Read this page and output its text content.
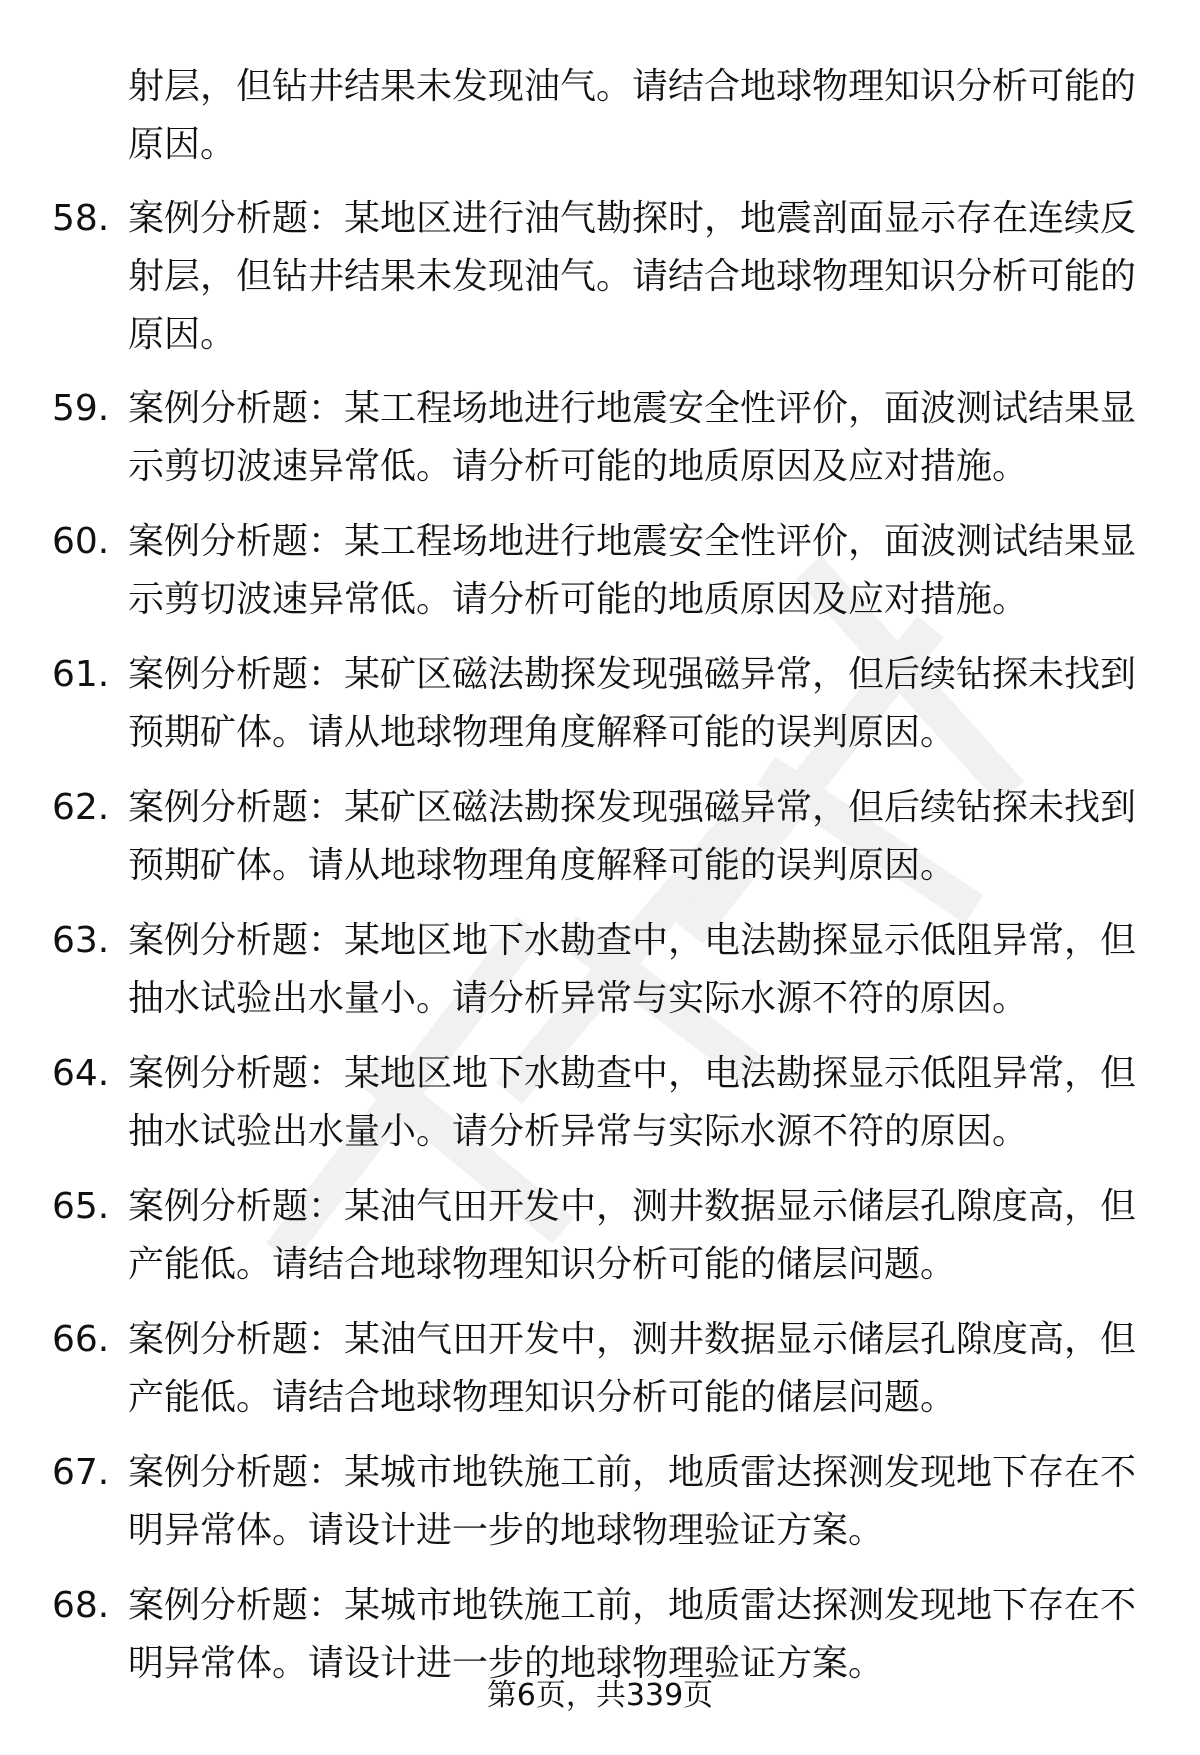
射层，但钻井结果未发现油气。请结合地球物理知识分析可能的原因。
58. 案例分析题：某地区进行油气勘探时，地震剖面显示存在连续反射层，但钻井结果未发现油气。请结合地球物理知识分析可能的原因。
59. 案例分析题：某工程场地进行地震安全性评价，面波测试结果显示剪切波速异常低。请分析可能的地质原因及应对措施。
60. 案例分析题：某工程场地进行地震安全性评价，面波测试结果显示剪切波速异常低。请分析可能的地质原因及应对措施。
61. 案例分析题：某矿区磁法勘探发现强磁异常，但后续钻探未找到预期矿体。请从地球物理角度解释可能的误判原因。
62. 案例分析题：某矿区磁法勘探发现强磁异常，但后续钻探未找到预期矿体。请从地球物理角度解释可能的误判原因。
63. 案例分析题：某地区地下水勘查中，电法勘探显示低阻异常，但抽水试验出水量小。请分析异常与实际水源不符的原因。
64. 案例分析题：某地区地下水勘查中，电法勘探显示低阻异常，但抽水试验出水量小。请分析异常与实际水源不符的原因。
65. 案例分析题：某油气田开发中，测井数据显示储层孔隙度高，但产能低。请结合地球物理知识分析可能的储层问题。
66. 案例分析题：某油气田开发中，测井数据显示储层孔隙度高，但产能低。请结合地球物理知识分析可能的储层问题。
67. 案例分析题：某城市地铁施工前，地质雷达探测发现地下存在不明异常体。请设计进一步的地球物理验证方案。
68. 案例分析题：某城市地铁施工前，地质雷达探测发现地下存在不明异常体。请设计进一步的地球物理验证方案。
第6页，共339页
